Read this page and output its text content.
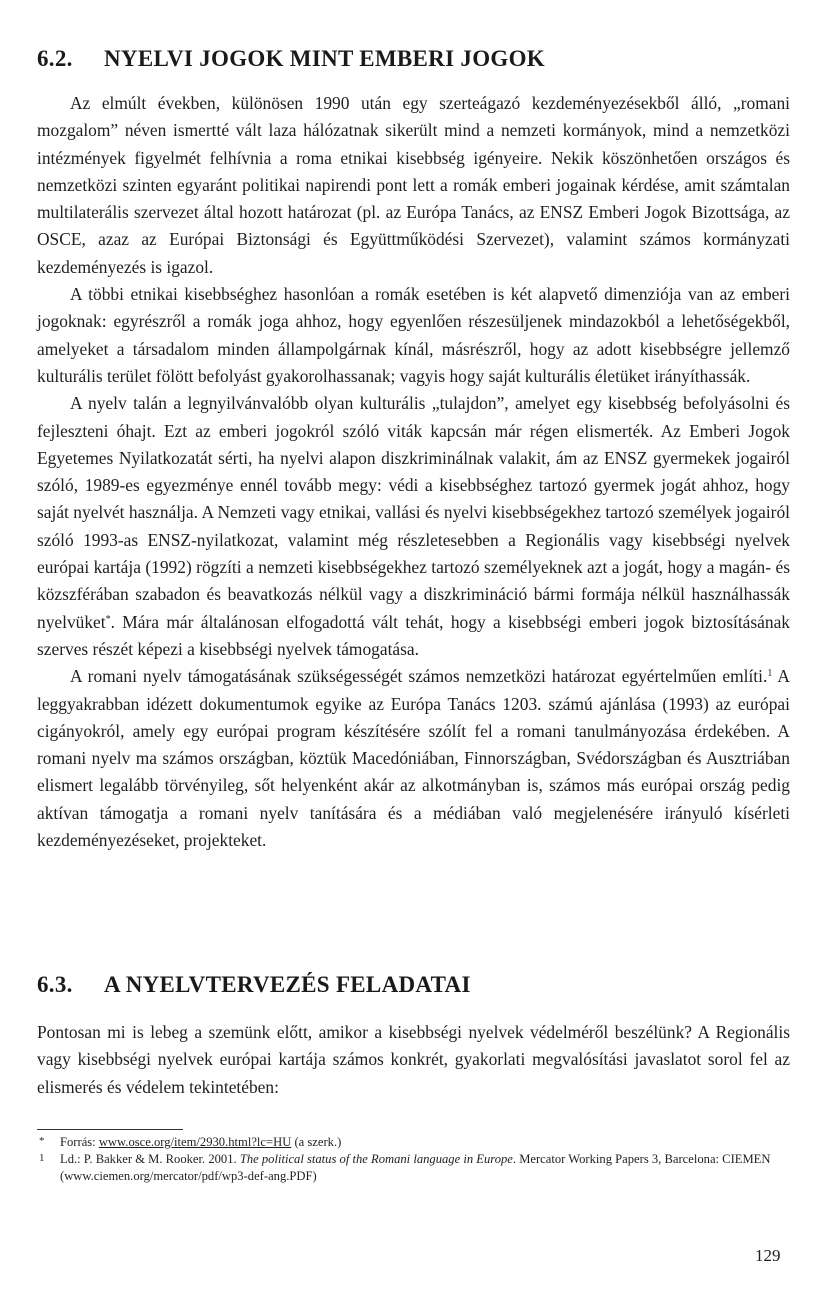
6.2. NYELVI JOGOK MINT EMBERI JOGOK
Az elmúlt években, különösen 1990 után egy szerteágazó kezdeményezésekből álló, „romani mozgalom” néven ismertté vált laza hálózatnak sikerült mind a nemzeti kormányok, mind a nemzetközi intézmények figyelmét felhívnia a roma etnikai kisebbség igényeire. Nekik köszönhetően országos és nemzetközi szinten egyaránt politikai napirendi pont lett a romák emberi jogainak kérdése, amit számtalan multilaterális szervezet által hozott határozat (pl. az Európa Tanács, az ENSZ Emberi Jogok Bizottsága, az OSCE, azaz az Európai Biztonsági és Együttműködési Szervezet), valamint számos kormányzati kezdeményezés is igazol.
A többi etnikai kisebbséghez hasonlóan a romák esetében is két alapvető dimenziója van az emberi jogoknak: egyrészről a romák joga ahhoz, hogy egyenlően részesüljenek mindazokból a lehetőségekből, amelyeket a társadalom minden állampolgárnak kínál, másrészről, hogy az adott kisebbségre jellemző kulturális terület fölött befolyást gyakorolhassanak; vagyis hogy saját kulturális életüket irányíthassák.
A nyelv talán a legnyilvánvalóbb olyan kulturális „tulajdon”, amelyet egy kisebbség befolyásolni és fejleszteni óhajt. Ezt az emberi jogokról szóló viták kapcsán már régen elismerték. Az Emberi Jogok Egyetemes Nyilatkozatát sérti, ha nyelvi alapon diszkriminálnak valakit, ám az ENSZ gyermekek jogairól szóló, 1989-es egyezménye ennél tovább megy: védi a kisebbséghez tartozó gyermek jogát ahhoz, hogy saját nyelvét használja. A Nemzeti vagy etnikai, vallási és nyelvi kisebbségekhez tartozó személyek jogairól szóló 1993-as ENSZ-nyilatkozat, valamint még részletesebben a Regionális vagy kisebbségi nyelvek európai kartája (1992) rögzíti a nemzeti kisebbségekhez tartozó személyeknek azt a jogát, hogy a magán- és közszférában szabadon és beavatkozás nélkül vagy a diszkrimináció bármi formája nélkül használhassák nyelvüket*. Mára már általánosan elfogadottá vált tehát, hogy a kisebbségi emberi jogok biztosításának szerves részét képezi a kisebbségi nyelvek támogatása.
A romani nyelv támogatásának szükségességét számos nemzetközi határozat egyértelműen említi.$^1$ A leggyakrabban idézett dokumentumok egyike az Európa Tanács 1203. számú ajánlása (1993) az európai cigányokról, amely egy európai program készítésére szólít fel a romani tanulmányozása érdekében. A romani nyelv ma számos országban, köztük Macedóniában, Finnországban, Svédországban és Ausztriában elismert legalább törvényileg, sőt helyenként akár az alkotmányban is, számos más európai ország pedig aktívan támogatja a romani nyelv tanítására és a médiában való megjelenésére irányuló kísérleti kezdeményezéseket, projekteket.
6.3. A NYELVTERVEZÉS FELADATAI
Pontosan mi is lebeg a szemünk előtt, amikor a kisebbségi nyelvek védelméről beszélünk? A Regionális vagy kisebbségi nyelvek európai kartája számos konkrét, gyakorlati megvalósítási javaslatot sorol fel az elismerés és védelem tekintetében:

* Forrás: www.osce.org/item/2930.html?lc=HU (a szerk.)

1 Ld.: P. Bakker & M. Rooker. 2001. The political status of the Romani language in Europe. Mercator Working Papers 3, Barcelona: CIEMEN (www.ciemen.org/mercator/pdf/wp3-def-ang.PDF)

129
